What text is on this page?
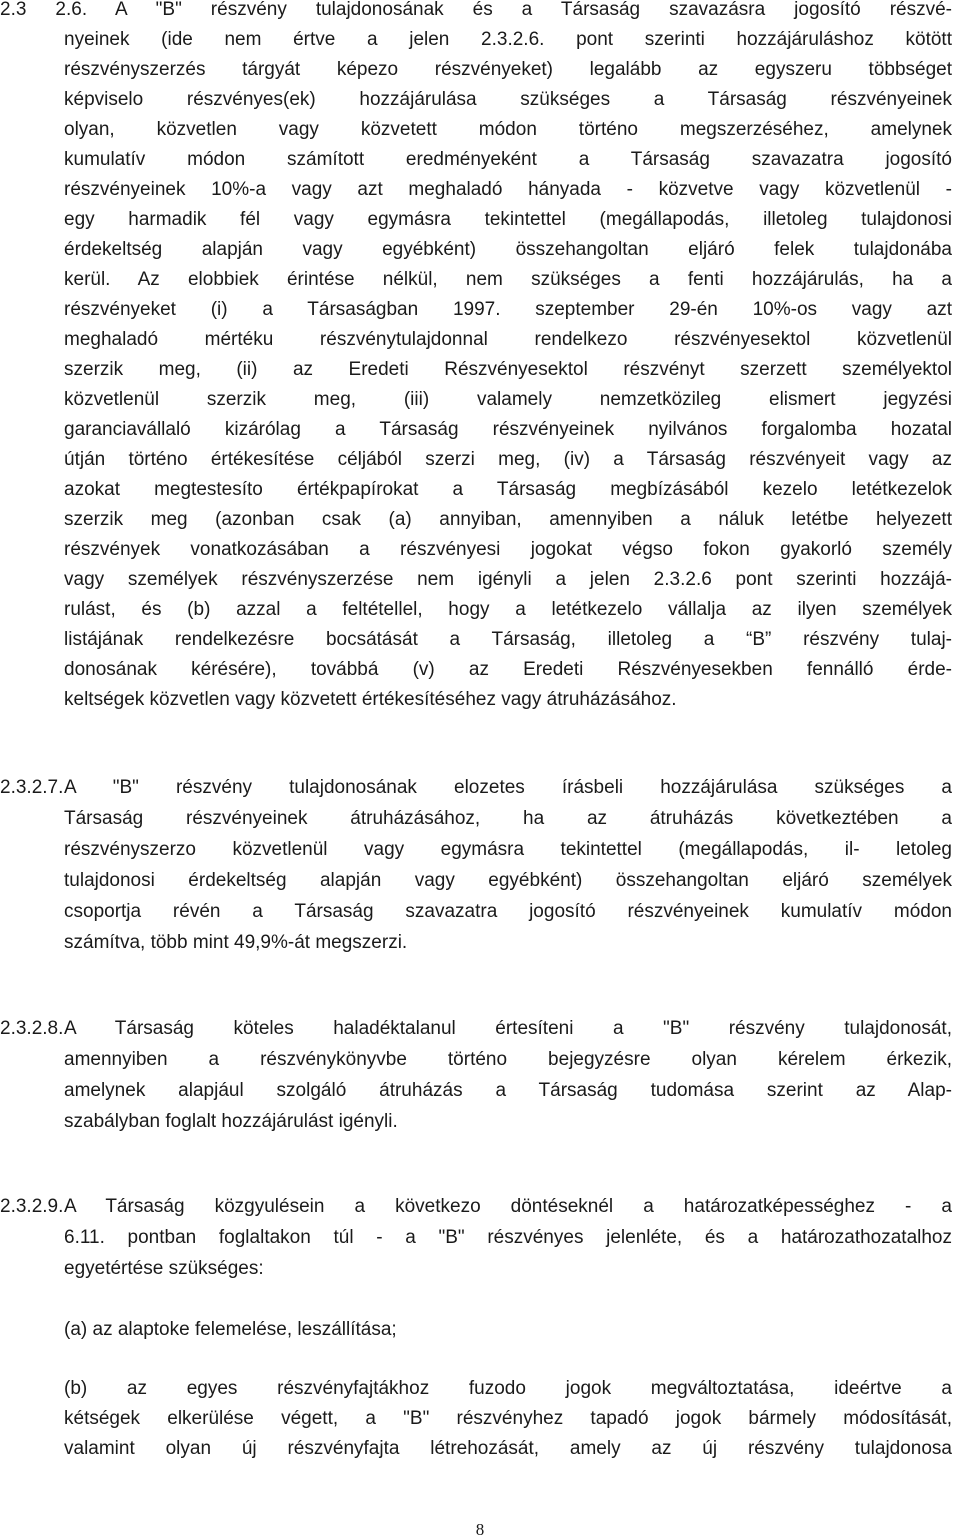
2.3 2.6. A "B" részvény tulajdonosának és a Társaság szavazásra jogosító részvé-
nyeinek (ide nem értve a jelen 2.3.2.6. pont szerinti hozzájáruláshoz kötött
részvényszerzés tárgyát képezo részvényeket) legalább az egyszeru többséget
képviselo részvényes(ek) hozzájárulása szükséges a Társaság részvényeinek
olyan, közvetlen vagy közvetett módon történo megszerzéséhez, amelynek
kumulatív módon számított eredményeként a Társaság szavazatra jogosító
részvényeinek 10%-a vagy azt meghaladó hányada - közvetve vagy közvetlenül -
egy harmadik fél vagy egymásra tekintettel (megállapodás, illetoleg tulajdonosi
érdekeltség alapján vagy egyébként) összehangoltan eljáró felek tulajdonába
kerül. Az elobbiek érintése nélkül, nem szükséges a fenti hozzájárulás, ha a
részvényeket (i) a Társaságban 1997. szeptember 29-én 10%-os vagy azt
meghaladó mértéku részvénytulajdonnal rendelkezo részvényesektol közvetlenül
szerzik meg, (ii) az Eredeti Részvényesektol részvényt szerzett személyektol
közvetlenül szerzik meg, (iii) valamely nemzetközileg elismert jegyzési
garanciavállaló kizárólag a Társaság részvényeinek nyilvános forgalomba hozatal
útján történo értékesítése céljából szerzi meg, (iv) a Társaság részvényeit vagy az
azokat megtestesíto értékpapírokat a Társaság megbízásából kezelo letétkezelok
szerzik meg (azonban csak (a) annyiban, amennyiben a náluk letétbe helyezett
részvények vonatkozásában a részvényesi jogokat végso fokon gyakorló személy
vagy személyek részvényszerzése nem igényli a jelen 2.3.2.6 pont szerinti hozzájá-
rulást, és (b) azzal a feltétellel, hogy a letétkezelo vállalja az ilyen személyek
listájának rendelkezésre bocsátását a Társaság, illetoleg a “B” részvény tulaj-
donosának kérésére), továbbá (v) az Eredeti Részvényesekben fennálló érde-
keltségek közvetlen vagy közvetett értékesítéséhez vagy átruházásához.
2.3.2.7. A "B" részvény tulajdonosának elozetes írásbeli hozzájárulása szükséges a
Társaság részvényeinek átruházásához, ha az átruházás következtében a
részvényszerzo közvetlenül vagy egymásra tekintettel (megállapodás, il- letoleg
tulajdonosi érdekeltség alapján vagy egyébként) összehangoltan eljáró személyek
csoportja révén a Társaság szavazatra jogosító részvényeinek kumulatív módon
számítva, több mint 49,9%-át megszerzi.
2.3.2.8. A Társaság köteles haladéktalanul értesíteni a "B" részvény tulajdonosát,
amennyiben a részvénykönyvbe történo bejegyzésre olyan kérelem érkezik,
amelynek alapjául szolgáló átruházás a Társaság tudomása szerint az Alap-
szabályban foglalt hozzájárulást igényli.
2.3.2.9. A Társaság közgyulésein a következo döntéseknél a határozatképességhez - a
6.11. pontban foglaltakon túl - a "B" részvényes jelenléte, és a határozathozatalhoz
egyetértése szükséges:
(a) az alaptoke felemelése, leszállítása;
(b) az egyes részvényfajtákhoz fuzodo jogok megváltoztatása, ideértve a
kétségek elkerülése végett, a "B" részvényhez tapadó jogok bármely módosítását,
valamint olyan új részvényfajta létrehozását, amely az új részvény tulajdonosa
8
